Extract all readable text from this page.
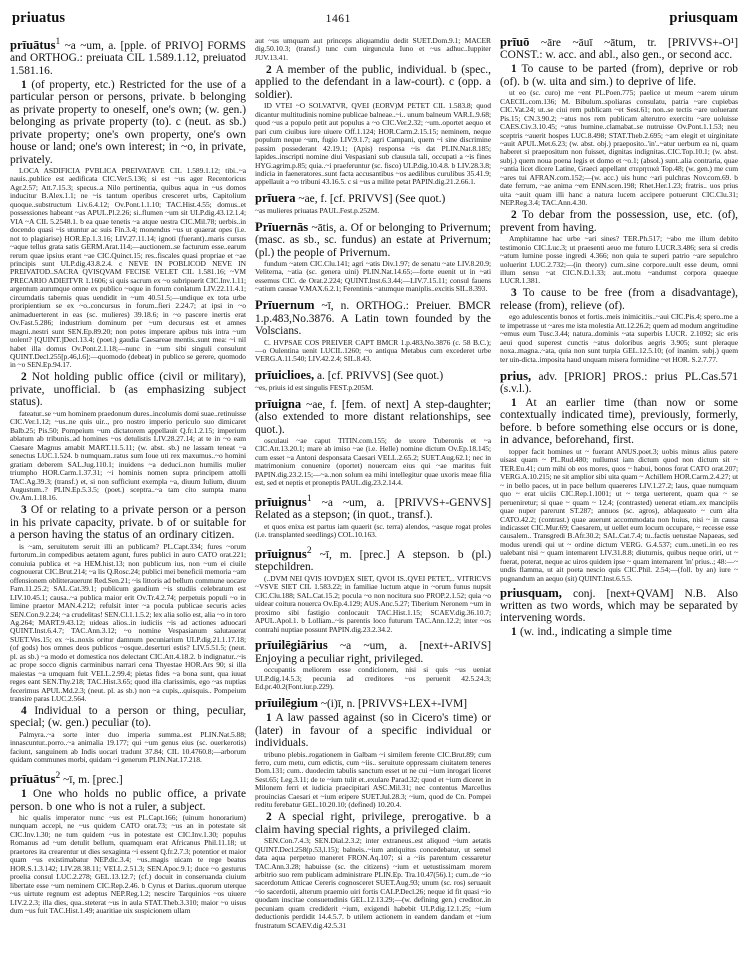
priuatus	1461	priusquam

prīuātus$^1$ ~a ~um, a. [pple. of PRIVO] FORMS and ORTHOG.: preiuata CIL 1.589.1.12, preiuatod 1.581.16.

1 (of property, etc.) Restricted for the use of a particular person or persons, private. b belonging as private property to oneself, one's own; (w. gen.) belonging as private property (to). c (neut. as sb.) private property; one's own property, one's own house or land; one's own interest; in ~o, in private, privately.

LOCA ASDIFICIA PVBLICA PREIVATAVE CIL 1.589.1.12; tibi..~a nauis..publice est aedificata CIC.Ver.5.136; si est ~us ager Recentoricus Agr.2.57; Att.7.15.3; specus..a Nilo pertinentia, quibus aqua in ~us domos inducitur B.Alex.1.1; ne ~is tantum operibus cresceret urbs, Capitolium quoque..substructum Liv.6.4.12; Ov.Pont.1.1.10; TAC.Hist.4.55; domus..et possessiones habeant ~as APUL.Pl.2.26; si..flumen ~um sit ULP.dig.43.12.1.4; VIA ~A CIL 5.2548.1. b ea quae tenetis ~a atque uestra CIC.Mil.78; uerbis..in docendo quasi ~is utuntur ac suis Fin.3.4; monendus ~us ut quaerat opes (i.e. not to plagiarise) HOR.Ep.1.3.16; LIV.27.11.14; ignoti (fuerant)..maris cursus ~aque tellus grata satis GERM.Arat.114;—auctionem..se facturum esse..earum rerum quae ipsius erant ~ae CIC.Quinct.15; res..fiscales quasi propriae et ~ae principis sunt ULP.dig.43.8.2.4. c NEVE IN POBLICOD NEVE IN PREIVATOD..SACRA QVISQVAM FECISE VELET CIL 1.581.16; ~VM PRECARIO ADIEITVR 1.1606; si quis sacrum ex ~o subripuerit CIC.Inv.1.11; argentum aurumque omne ex publico ~oque in forum conlatum LIV.22.11.4.1; circumdatis tabernis quas uendidit in ~um 40.51.5;—undique ex tota urbe proripientium se ex ~o..concursus in forum..fieri 2.24.7; at ipsi in ~o animaduerterent in eas (sc. mulieres) 39.18.6; in ~o pascere inertis erat Ov.Fast.5.286; industrium dominum per ~um decursus est et amnes magni..nestri sunt SEN.Ep.89.20; non potes imperare apibus tuis intra ~um uolent? [QUINT.]Decl.13.4; (poet.) gaudia Caesareae mentis..sunt mea: ~i nil habet illa domus Ov.Pont.2.1.18;—nunc in ~um sibi singuli consulunt QUINT.Decl.255[p.46,l.6];—quomodo (debeat) in publico se gerere, quomodo in ~o SEN.Ep.94.17.

2 Not holding public office (civil or military), private, unofficial. b (as emphasizing subject status).

fateatur..se ~um hominem praedonum dures..incolumis domi suae..retinuisse CIC.Ver.1.12; ~us..ne quis uir.., pro nostro imperio periculo suo dimicaret Balb.25; Pis.50; Pompeium ~um dictatorem appellauit Q.fr.1.2.15; imperium ablatum ab tribunis..ad homines ~os detulistis LIV.28.27.14; at te in ~o eam Caesare Magnus amabit MART.11.5.11; (w. abst. sb.) ne lassam teneat ~a senectus LUC.1.524. b numquam..ratus sum Ioue uti rex maxumus..~o homini gratiam deberem SAL.Jug.110.1; inuidens ~a deduci..non humilis mulier triumpho HOR.Carm.1.37.31; ~i hominis nomen supra principem attolli TAC.Ag.39.3; (transf.) et, si non sufficiunt exempla ~a, diuum Iulium, diuum Augustum..? PLIN.Ep.5.3.5; (poet.) sceptra..~a tam cito sumpta manu Ov.Am.1.18.16.

3 Of or relating to a private person or a person in his private capacity, private. b of or suitable for a person having the status of an ordinary citizen.

is ~am, seruitutem seruit illi an publicam? PL.Capt.334; fures ~orum furtorum..in compedibus aetatem agunt, fures publici in auro CATO orat.221; conuiuia publica et ~a HEM.hist.13; non publicum ius, non ~um ei ciuile cognouerat CIC.Brut.214; ~a lis Q.Rosc.24; publici mei beneficii memoria ~am offensionem oblitterauerunt Red.Sen.21; ~is littoris ad bellum commune uocare Fam.11.25.2; SAL.Cat.39.1; publicum gaudium ~is studiis celebratum est LIV.10.45.1; causa..~a publica maior erit Ov.Tr.4.2.74; perpetuis populi ~o in limine praetor MAN.4.212; refulsit inter ~a pocula publicae securis acies SEN.Con.9.2.24; ~a crudelitas! SEN.Cl.1.1.5.2; lex alia solio est, alia ~o in toro Ag.264; MART.9.43.12; uideas alios..in iudiciis ~is ad actiones aduocari QUINT.Inst.6.4.7; TAC.Ann.3.12; ~o nomine Vespasianum salutauerat SUET.Ves.15; ex ~is..noxis oritur damnum pecuniarium ULP.dig.21.1.17.18; (of gods) hos omnes deos publicos ~osque..deserturi estis? LIV.5.51.5; (neut. pl. as sb.) ~a modo et domestica nos delectant CIC.Att.4.18.2. b indignatur..~is ac prope socco dignis carminibus narrari cena Thyestae HOR.Ars 90; si illa maiestas ~a umquam fuit VELL.2.99.4; pietas fides ~a bona sunt, qua iuuat reges eant SEN.Thy.218; TAC.Hist.3.65; quod illa clarissimis, ego ~as nuptias fecerimus APUL.Md.2.3; (neut. pl. as sb.) non ~a cupis,..quisquis.. Pompeium transire paras LUC.2.564.

4 Individual to a person or thing, peculiar, special; (w. gen.) peculiar (to).

Palmyra..~a sorte inter duo imperia summa..est PLIN.Nat.5.88; innascuntur..porro..~a animalia 19.177; qui ~um genus eius (sc. ouerkerotis) faciunt, sanguinem ab Indis uocari tradunt 37.84; CIL 10.4760.8;—arborum quidam communes morbi, quidam ~i generum PLIN.Nat.17.218.

prīuātus$^2$ ~ī, m. [prec.]

1 One who holds no public office, a private person. b one who is not a ruler, a subject.

hic qualis imperator nunc ~us est PL.Capt.166; (uinum honorarium) nunquam accepi, ne ~us quidem CATO orat.73; ~us an in potestate sit CIC.Inv.1.30; ne tum quidem ~us in potestate est CIC.Inv.1.30; populus Romanus ad ~um detulit bellum, quamquam erat Africanus Phil.11.18; ut praetores ita crearentur ut dies sexaginta ~i essent Q.fr.2.7.3; potentior et maior quam ~us existimabatur NEP.dic.3.4; ~us..magis uicam te rege beatus HOR.S.1.3.142; LIV.28.38.11; VELL.2.51.3; SEN.Apoc.9.1; duce ~o gesturus proelia consul LUC.2.278; GEL.13.12.7; (cf.) docuit in conseruanda ciuium libertate esse ~um neminem CIC.Rep.2.46. b Cyrus et Darius..quorum uterque ~us uirtute regnum est adeptus NEP.Reg.1.2; nescire Tarquinios ~os uiuere LIV.2.2.3; illa dies, qua..steterat ~us in aula STAT.Theb.3.310; maior ~o uisus dum ~us fuit TAC.Hist.1.49; auaritiae uix suspicionem ullam

aut ~us umquam aut princeps aliquamdiu dedit SUET.Dom.9.1; MACER dig.50.10.3; (transf.) tunc cum uirguncula Iuno et ~us adhuc..Iuppiter JUV.13.41.

2 A member of the public, individual. b (spec., applied to the defendant in a law-court). c (opp. a soldier).

ID VTEI ~O SOLVATVR, QVEI (EORV)M PETET CIL 1.583.8; quod dicantur multitudinis nomine publicae balneae..~i.. unum balneum VAR.L.9.68; quod ~us a populo petit aut populus a ~o CIC.Ver.2.32; ~um..oportet aequo et pari cum ciuibus iure uiuere Off.1.124; HOR.Carm.2.15.15; neminem, neque populum neque ~um, fugio LIV.9.1.7; agri Campani, quem ~i sine discrimine passim possederant 42.19.1; (Apis) responsa ~is dat PLIN.Nat.8.185; lapides..inscripti nomine diui Vespasiani sub clausula tali, occupati a ~is fines HYG.agrim.p.85; quia..~i praeferuntur (sc. fisco) ULP.dig.10.4.8. b LIV.28.3.8; indicia in faeneratores..sunt facta accusantibus ~os aedilibus curulibus 35.41.9; appellauit a ~o tribuni 43.16.5. c si ~us a milite petat PAPIN.dig.21.2.66.1.

prīuera ~ae, f. [cf. PRIVVS] (See quot.)

~as mulieres priuatas PAUL.Fest.p.252M.

Prīuernās ~ātis, a. Of or belonging to Privernum; (masc. as sb., sc. fundus) an estate at Privernum; (pl.) the people of Privernum.

fundum ~atem CIC.Clu.141; agri ~atis Div.1.97; de senatu ~ate LIV.8.20.9; Veliternа, ~atia (sc. genera uini) PLIN.Nat.14.65;—forte euenit ut in ~ati essemus CIC. de Orat.2.224; QUINT.Inst.6.3.44;—LIV.7.15.11; consul fauens ~atium causae V.MAX.6.2.1; Ferentinis ~atumque maniplis..excitis SIL.8.393.

Prīuernum ~ī, n. ORTHOG.: Preiuer. BMCR 1.p.483,No.3876. A Latin town founded by the Volscians.

C. HVPSAE COS PREIVER CAPT BMCR 1.p.483,No.3876 (c. 58 B.C.);—o Oulentina uenit LUCIL.1260; ~o antiqua Metabus cum excederet urbe VERG.A.11.540; LIV.42.2.4; SIL.8.43.

prīuiclioes, a. [cf. PRIVVS] (See quot.)

~es, priuis id est singulis FEST.p.205M.

prīuigna ~ae, f. [fem. of next] A step-daughter; (also extended to more distant relationships, see quot.).

osculaui ~ae caput TITIN.com.155; de uxore Tuberonis et ~a CIC.Att.13.20.1; mare ab imiso ~ae (i.e. Helle) nomine dictum Ov.Ep.18.145; cum esset ~a Antoni desponsata Caesari VELL.2.65.2; SUET.Aug.62.1; nec in matrimonium conuenire (oportet) nouercam eius qui ~ae maritus fuit PAPIN.dig.23.2.15;—~a..non solum ea mihi intellegitur quae uxoris meae filia est, sed et neptis et proneptis PAUL.dig.23.2.14.4.

prīuignus$^1$ ~a ~um, a. [PRIVVS+-GENVS] Related as a stepson; (in quot., transf.).

et quos enixa est partus iam quaerit (sc. terra) alendos, ~asque rogat proles (i.e. transplanted seedlings) COL.10.163.

prīuignus$^2$ ~ī, m. [prec.] A stepson. b (pl.) stepchildren.

(..DVM NEI QVIS IOVD)EX SIET, QVOI IS..QVEI PETET,.. VITRICVS ~VSVE SIET CIL 1.583.22; in familiae luctum atque in ~orum funus nupsit CIC.Clu.188; SAL.Cat.15.2; pocula ~o non nocitura suo PROP.2.1.52; quia ~o uidear coitura nouerca Ov.Ep.4.129; AUS.Anc.5.27; Tiberium Neronem ~um in proximo sibi fastigio conlocauit TAC.Hist.1.15; SCAEV.dig.36.10.7; APUL.Apol.1. b Lolliam..~is parentis loco futurum TAC.Ann.12.2; inter ~os contrahi nuptiae possunt PAPIN.dig.23.2.34.2.

prīuilēgiārius ~a ~um, a. [next+-ARIVS] Enjoying a peculiar right, privileged.

occupantis meliorem esse condicionem, nisi si quis ~us ueniat ULP.dig.14.5.3; pecunia ad creditores ~os peruenit 42.5.24.3; Ed.pr.40.2(Font.iur.p.229).

prīuilēgium ~(i)ī, n. [PRIVVS+LEX+-IVM]

1 A law passed against (so in Cicero's time) or (later) in favour of a specific individual or individuals.

tribuno plebis..rogationem in Galbam ~i similem ferente CIC.Brut.89; cum ferro, cum metu, cum edictis, cum ~iis.. seruitute oppressam ciuitatem teneres Dom.131; cum.. duodecim tabulis sanctum esset ut ne cui ~ium inrogari liceret Sest.65; Leg.3.11; de te ~ium tulit et..exulare Parad.32; quod et ~ium diceret in Milonem ferri et iudicia praecipitari ASC.Mil.31; nec contentus Marcellus prouincias Caesari et ~ium eripere SUET.Jul.28.3; ~ium, quod de Cn. Pompei reditu ferebatur GEL.10.20.10; (defined) 10.20.4.

2 A special right, privilege, prerogative. b a claim having special rights, a privileged claim.

SEN.Con.7.4.3; SEN.Dial.2.3.2; inter extraneus..est aliquod ~ium aetatis QUINT.Decl.258(p.53,l.15); balneis..~ium antiquitus concedebatur, ut semel data aqua perpetuo maneret FRON.Aq.107; si a ~iis parentum cessaretur TAC.Ann.3.28; habuisse (sc. the citizens) ~ium et uetustissimam morem arbitrio suo rem publicam administrare PLIN.Ep. Tra.10.47(56).1; cum..de ~io sacerdotum Atticae Cereris cognosceret SUET.Aug.93; unum (sc. ros) seruauit ~io sacerdotii, alterum praemio uiri fortis CALP.Decl.26; neque id fit quasi ~io quodam inscitae consuetudinis GEL.12.13.29;—(w. defining gen.) creditor..in pecuniam quam crediderit ~ium, exigendi habebit ULP.dig.12.1.25; ~ium deductionis perdidit 14.4.5.7. b utilem actionem in eandem dandam et ~ium frustratum SCAEV.dig.42.5.31

prīuō ~āre ~āuī ~ātum, tr. [PRIVVS+-O¹] CONST.: w. acc. and abl., also gen., or second acc.

1 To cause to be parted (from), deprive or rob (of). b (w. uita and sim.) to deprive of life.

ut eo (sc. curo) me ~ent PL.Poen.775; paelice ut mеum ~arem uirum CAECIL.com.136; M. Bibulum..spoliaras consulatu, patria ~are cupiebas CIC.Vat.24; ut..se ciui rem publicam ~et Sest.61; non..se tectis ~are uoluerant Pis.15; CN.3.90.2; ~atus nos rem publicam alterutro exercitu ~are uoluisse CAES.Civ.3.10.45; ~atus humine..clamabat..se nutruisse Ov.Pont.1.1.53; neu sceptris ~auerit hospes LUC.8.498; STAT.Theb.2.695; ~am elegit et uirginitate ~auit APUL.Met.6.23; (w. abst. obj.) praeposito..'in'..~atur uerbum ea ni, quam haberet si praepositum non fuisset, dignitas indignitas..CIC.Top.10.1; (w. abst. subj.) quem noua poena legis et domo et ~o.1; (absol.) sunt..alia contraria, quae ~antia licet dicere Latine, Graeci appellant στερητικά Top.48; (w. gen.) me cum ~ares tui AFRAN.com.152;—(w. acc.) uis hunc ~ari pulchras Nov.com.69. b date ferrum, ~ae anima ~em ENN.scen.198; Rhet.Her.1.23; fratris.. uos prius uita ~auit quam illi hanc a natura lucem accipere potuerunt CIC.Clu.31; NEP.Reg.3.4; TAC.Ann.4.30.

2 To debar from the possession, use, etc. (of), prevent from having.

Amphitamne hac urbe ~ari sines? TER.Ph.517; ~abo me illum debito testimonio CIC.Luc.3; ut praesenti aeuo me futuro LUCR.3.486; sera si credis ~atum lumine posse ingredi 4.366; non quia te superi patrio ~are sepulchro uoluerint LUC.2.732;—(in theory) cum..sine corpore..uult esse deum, omni illum sensu ~at CIC.N.D.1.33; aut..motu ~andumst corpora quaeque LUCR.1.381.

3 To cause to be free (from a disadvantage), release (from), relieve (of).

ego adulescentis bonos et fortis..meis inimicitiis..~aui CIC.Pis.4; spero..me a te impetrasse ut ~ares me ista molestia Att.12.26.2; quem ad modum angritudine ~emus eum Tusc.3.44; natura..dominis ~ata superbis LUCR. 2.1092; sic eris aeui quod superest cunctis ~atus doloribus aegris 3.905; sunt pleraque noxa..magna..~ata, quia non sunt turpia GEL.12.5.10; (of inanim. subj.) quem ter uin-dicta..imposita haud unquam misera formidine ~et HOR. S.2.7.77.

prius, adv. [PRIOR] PROS.: prius PL.Cas.571 (s.v.l.).

1 At an earlier time (than now or some contextually indicated time), previously, formerly, before. b before something else occurs or is done, in advance, beforehand, first.

topper facit homines ut ~ fuerant ANUS.poet.3; uobis minus alius patere uisast quam ~ PL.Rud.480; nullumst iam dictum quod non dictum sit ~ TER.Eu.41; cum mihi ob eos mores, quos ~ habui, bonos forat CATO orat.207; VERG.A.10.215; ne sit amplior sibi uita quam ~ Achillem HOR.Carm.2.4.27; ut ~ in bello paces, ut in pace bellum quaereres LIV.1.27.2; laus, quae numquam quo ~ erat uiciis CIC.Rep.1.1001; ut ~ terga uerterent, quam qua ~ se perueniretur; si quae ~ quam ~ 12.4; (contrasted) uenerat etiam..ex mancipiis quae nuper parerunt ST.287; annuos (sc. agros), ablaqueato ~ cum alta CATO.42.2; (contrast.) quae auerunt accommodata non huius, nisi ~ in causa indicasset CIC.Mur.69; Caesarem, ut uellet eum locum occupare, ~ recesse esse causalem.. Transgredi B.Afr.30.2; SAL.Cat.7.4; tu..factis uetustae Napaeas, sed modus urendi qui ut ~ ordine dictum VERG. G.4.537; cum..uneti..in eo res ualebant nisi ~ quam intemarent LIV.31.8.8; diuturnis, quibus neque oriri, ut ~ fuerat, poterat, neque ac uiros quidem ipse ~ quam intemarent 'in' prius..; 48:—~ undis flamma, ut ait poeta nescio quis CIC.Phil. 2.54;—(foll. by an) iure ~ pugnandum an aequo (sit) QUINT.Inst.6.5.5.

priusquam, conj. [next+QVAM] N.B. Also written as two words, which may be separated by intervening words.

1 (w. ind., indicating a simple time
